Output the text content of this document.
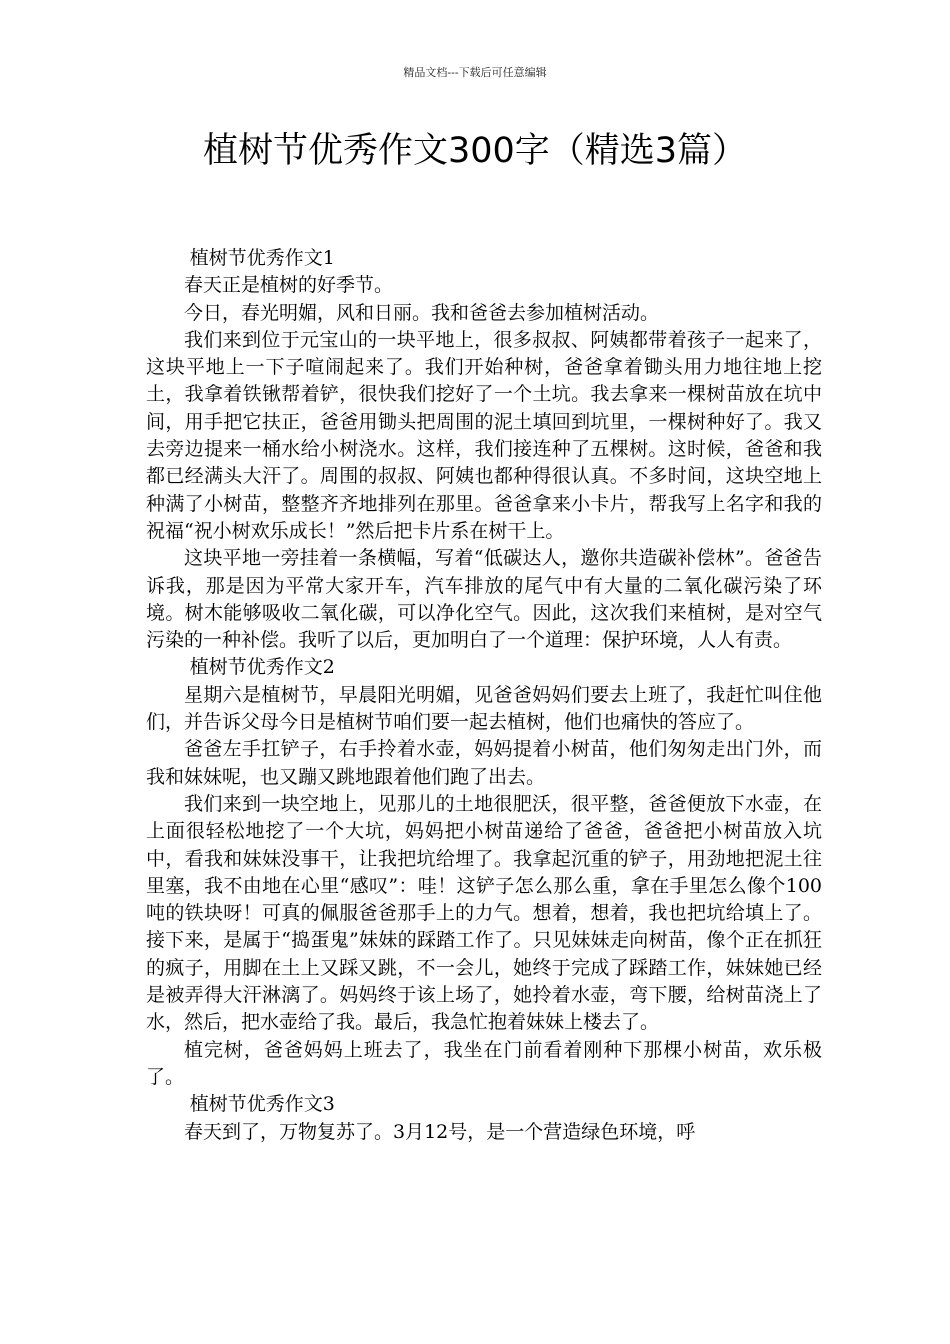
精品文档---下载后可任意编辑
植树节优秀作文300字（精选3篇）

植树节优秀作文1

春天正是植树的好季节。

今日，春光明媚，风和日丽。我和爸爸去参加植树活动。

我们来到位于元宝山的一块平地上，很多叔叔、阿姨都带着孩子一起来了，这块平地上一下子喧闹起来了。我们开始种树，爸爸拿着锄头用力地往地上挖土，我拿着铁锹帮着铲，很快我们挖好了一个土坑。我去拿来一棵树苗放在坑中间，用手把它扶正，爸爸用锄头把周围的泥土填回到坑里，一棵树种好了。我又去旁边提来一桶水给小树浇水。这样，我们接连种了五棵树。这时候，爸爸和我都已经满头大汗了。周围的叔叔、阿姨也都种得很认真。不多时间，这块空地上种满了小树苗，整整齐齐地排列在那里。爸爸拿来小卡片，帮我写上名字和我的祝福“祝小树欢乐成长！”然后把卡片系在树干上。

这块平地一旁挂着一条横幅，写着“低碳达人，邀你共造碳补偿林”。爸爸告诉我，那是因为平常大家开车，汽车排放的尾气中有大量的二氧化碳污染了环境。树木能够吸收二氧化碳，可以净化空气。因此，这次我们来植树，是对空气污染的一种补偿。我听了以后，更加明白了一个道理：保护环境，人人有责。

植树节优秀作文2

星期六是植树节，早晨阳光明媚，见爸爸妈妈们要去上班了，我赶忙叫住他们，并告诉父母今日是植树节咱们要一起去植树，他们也痛快的答应了。

爸爸左手扛铲子，右手拎着水壶，妈妈提着小树苗，他们匆匆走出门外，而我和妹妹呢，也又蹦又跳地跟着他们跑了出去。

我们来到一块空地上，见那儿的土地很肥沃，很平整，爸爸便放下水壶，在上面很轻松地挖了一个大坑，妈妈把小树苗递给了爸爸，爸爸把小树苗放入坑中，看我和妹妹没事干，让我把坑给埋了。我拿起沉重的铲子，用劲地把泥土往里塞，我不由地在心里“感叹”：哇！这铲子怎么那么重，拿在手里怎么像个100吨的铁块呀！可真的佩服爸爸那手上的力气。想着，想着，我也把坑给填上了。接下来，是属于“捣蛋鬼”妹妹的踩踏工作了。只见妹妹走向树苗，像个正在抓狂的疯子，用脚在土上又踩又跳，不一会儿，她终于完成了踩踏工作，妹妹她已经是被弄得大汗淋漓了。妈妈终于该上场了，她拎着水壶，弯下腰，给树苗浇上了水，然后，把水壶给了我。最后，我急忙抱着妹妹上楼去了。

植完树，爸爸妈妈上班去了，我坐在门前看着刚种下那棵小树苗，欢乐极了。

植树节优秀作文3

春天到了，万物复苏了。3月12号，是一个营造绿色环境，呼
